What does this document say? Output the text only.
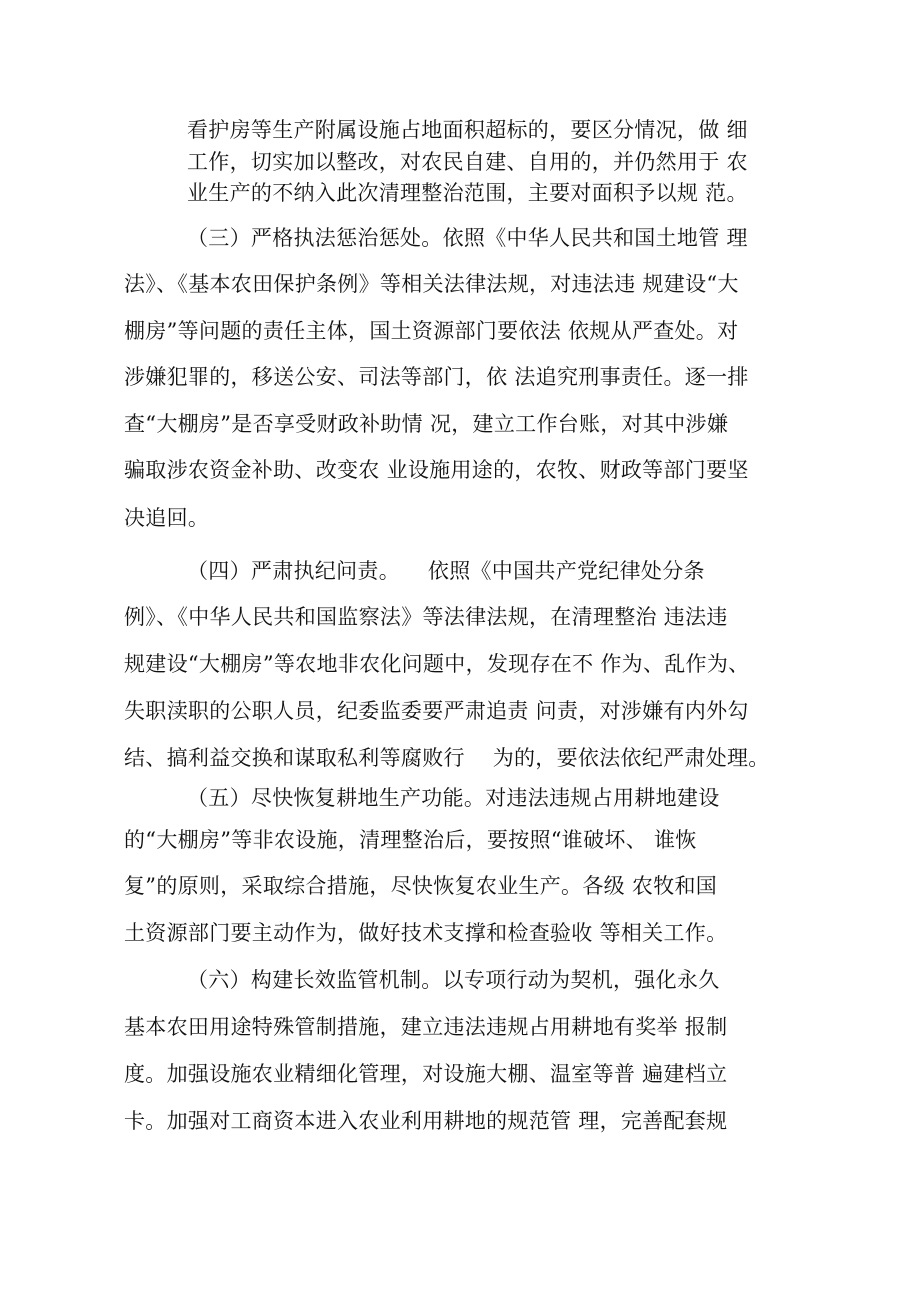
看护房等生产附属设施占地面积超标的，要区分情况，做 细
工作，切实加以整改，对农民自建、自用的，并仍然用于 农
业生产的不纳入此次清理整治范围，主要对面积予以规 范。
（三）严格执法惩治惩处。依照《中华人民共和国土地管 理
法》、《基本农田保护条例》等相关法律法规，对违法违 规建设“大
棚房”等问题的责任主体，国土资源部门要依法 依规从严查处。对
涉嫌犯罪的，移送公安、司法等部门，依 法追究刑事责任。逐一排
查“大棚房”是否享受财政补助情 况，建立工作台账，对其中涉嫌
骗取涉农资金补助、改变农 业设施用途的，农牧、财政等部门要坚
决追回。
（四）严肃执纪问责。    依照《中国共产党纪律处分条
例》、《中华人民共和国监察法》等法律法规，在清理整治 违法违
规建设“大棚房”等农地非农化问题中，发现存在不 作为、乱作为、
失职渎职的公职人员，纪委监委要严肃追责 问责，对涉嫌有内外勾
结、搞利益交换和谋取私利等腐败行    为的，要依法依纪严肃处理。
（五）尽快恢复耕地生产功能。对违法违规占用耕地建设
的“大棚房”等非农设施，清理整治后，要按照“谁破坏、 谁恢
复”的原则，采取综合措施，尽快恢复农业生产。各级 农牧和国
土资源部门要主动作为，做好技术支撑和检查验收 等相关工作。
（六）构建长效监管机制。以专项行动为契机，强化永久
基本农田用途特殊管制措施，建立违法违规占用耕地有奖举 报制
度。加强设施农业精细化管理，对设施大棚、温室等普 遍建档立
卡。加强对工商资本进入农业利用耕地的规范管 理，完善配套规
